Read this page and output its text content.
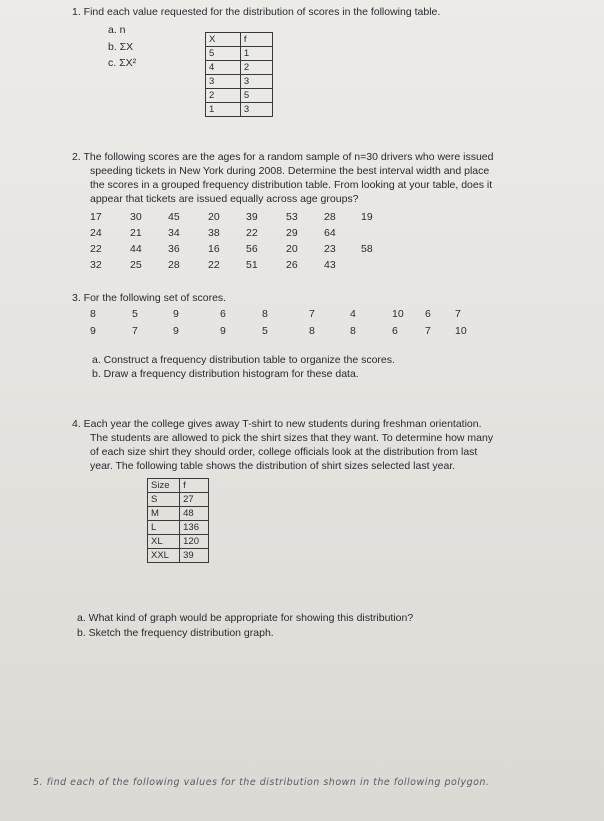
1. Find each value requested for the distribution of scores in the following table.
a. n
b. ΣX
c. ΣX²
X	f
5	1
4	2
3	3
2	5
1	3
2. The following scores are the ages for a random sample of n=30 drivers who were issued
speeding tickets in New York during 2008. Determine the best interval width and place
the scores in a grouped frequency distribution table. From looking at your table, does it
appear that tickets are issued equally across age groups?
17	30	45	20	39	53	28	19
24	21	34	38	22	29	64
22	44	36	16	56	20	23	58
32	25	28	22	51	26	43
3. For the following set of scores.
8	5	9	6	8	7	4	10	6	7
9	7	9	9	5	8	8	6	7	10
a. Construct a frequency distribution table to organize the scores.
b. Draw a frequency distribution histogram for these data.
4. Each year the college gives away T-shirt to new students during freshman orientation.
The students are allowed to pick the shirt sizes that they want. To determine how many
of each size shirt they should order, college officials look at the distribution from last
year. The following table shows the distribution of shirt sizes selected last year.
Size	f
S	27
M	48
L	136
XL	120
XXL	39
a. What kind of graph would be appropriate for showing this distribution?
b. Sketch the frequency distribution graph.
5. find each of the following values for the distribution shown in the following polygon.
